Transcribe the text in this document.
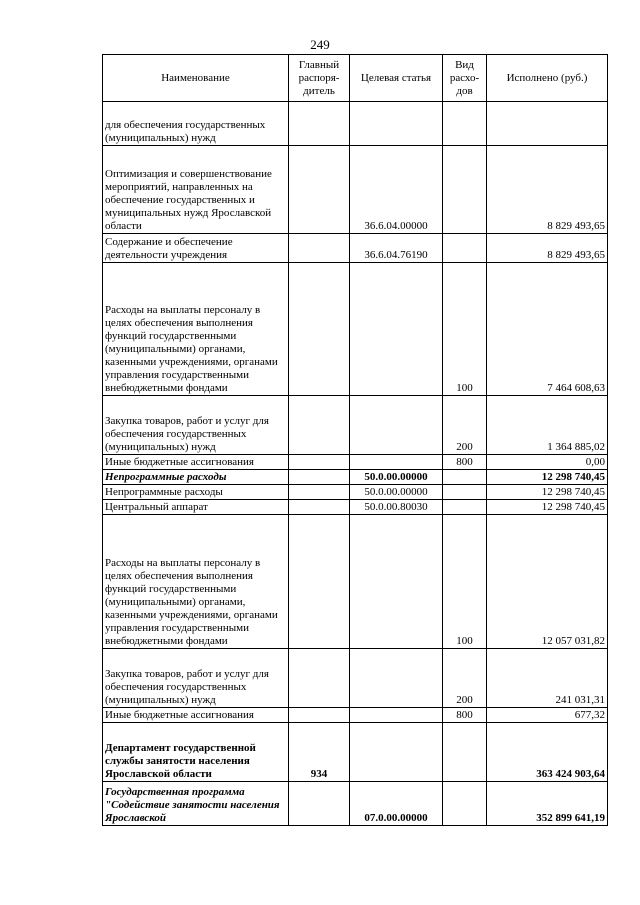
249
Наименование	Главный распоря-дитель	Целевая статья	Вид расхо-дов	Исполнено (руб.)
для обеспечения государственных (муниципальных) нужд				
Оптимизация и совершенствование мероприятий, направленных на обеспечение государственных и муниципальных нужд Ярославской области		36.6.04.00000		8 829 493,65
Содержание и обеспечение деятельности учреждения		36.6.04.76190		8 829 493,65
Расходы на выплаты персоналу в целях обеспечения выполнения функций государственными (муниципальными) органами, казенными учреждениями, органами управления государственными внебюджетными фондами			100	7 464 608,63
Закупка товаров, работ и услуг для обеспечения государственных (муниципальных) нужд			200	1 364 885,02
Иные бюджетные ассигнования			800	0,00
Непрограммные расходы		50.0.00.00000		12 298 740,45
Непрограммные расходы		50.0.00.00000		12 298 740,45
Центральный аппарат		50.0.00.80030		12 298 740,45
Расходы на выплаты персоналу в целях обеспечения выполнения функций государственными (муниципальными) органами, казенными учреждениями, органами управления государственными внебюджетными фондами			100	12 057 031,82
Закупка товаров, работ и услуг для обеспечения государственных (муниципальных) нужд			200	241 031,31
Иные бюджетные ассигнования			800	677,32
Департамент государственной службы занятости населения Ярославской области	934			363 424 903,64
Государственная программа "Содействие занятости населения Ярославской		07.0.00.00000		352 899 641,19
